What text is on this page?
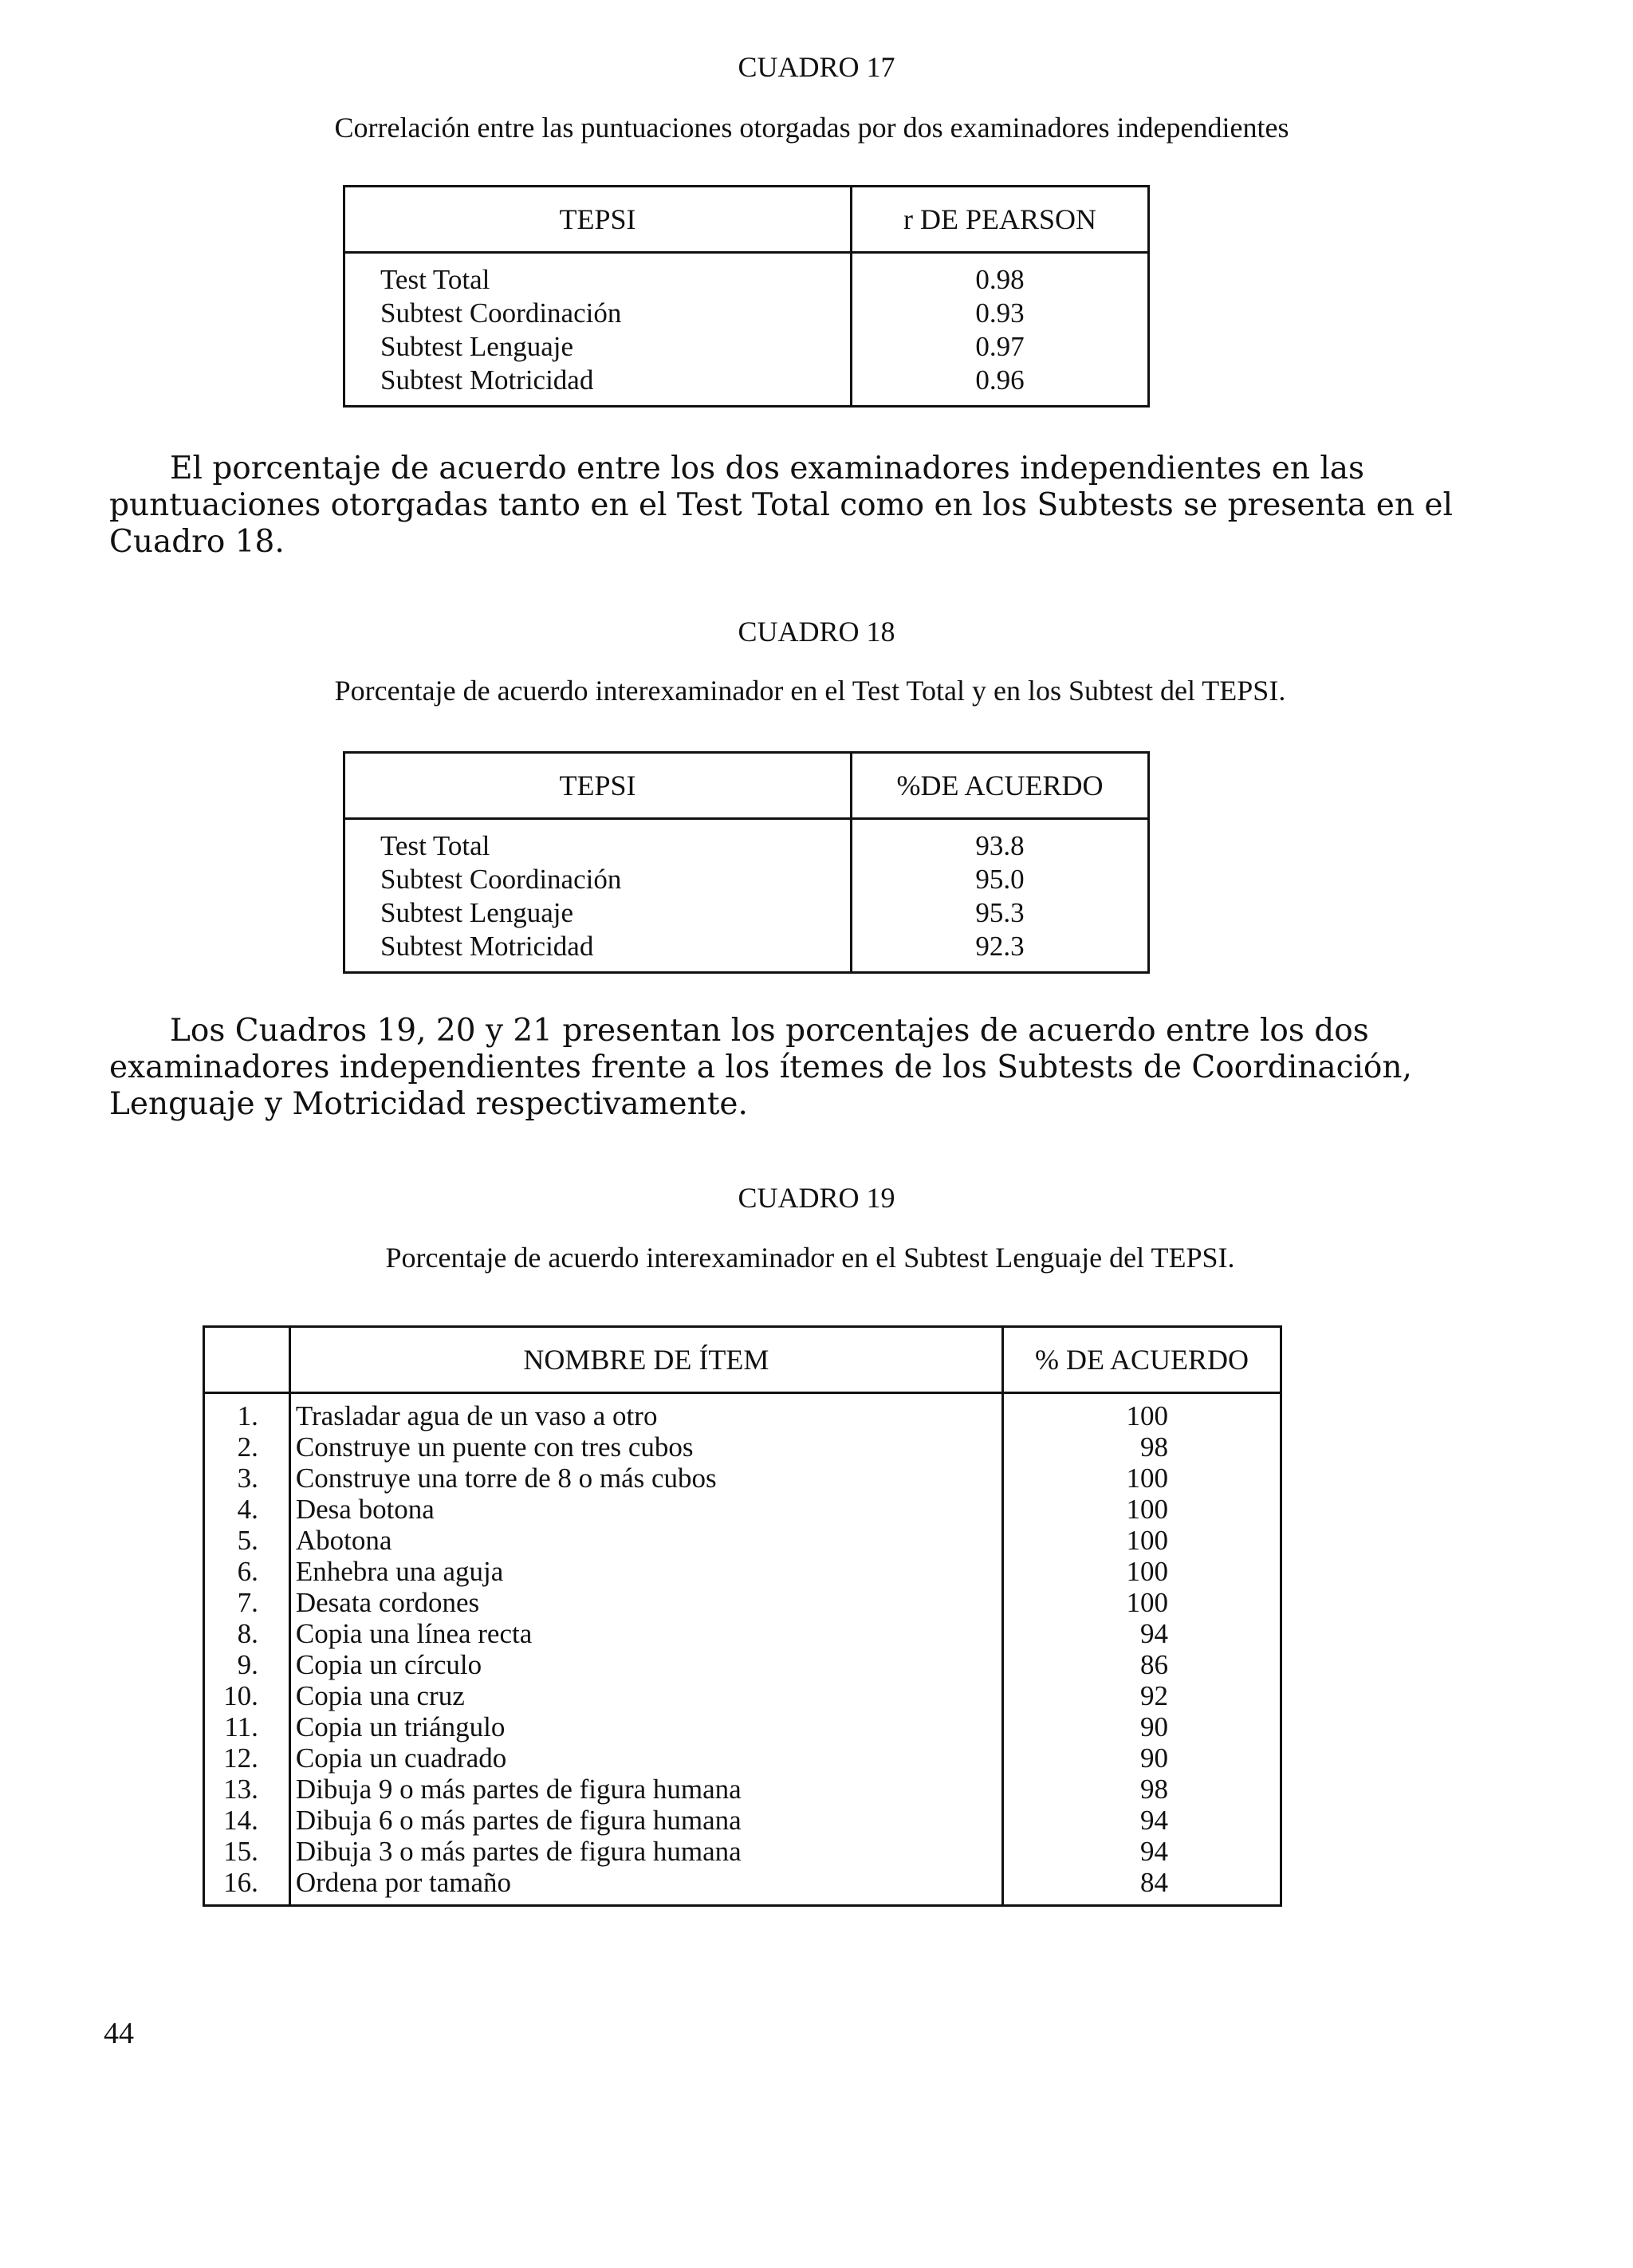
CUADRO 17
Correlación entre las puntuaciones otorgadas por dos examinadores independientes
TEPSI	r DE PEARSON
Test Total	0.98
Subtest Coordinación	0.93
Subtest Lenguaje	0.97
Subtest Motricidad	0.96
El porcentaje de acuerdo entre los dos examinadores independientes en las
puntuaciones otorgadas tanto en el Test Total como en los Subtests se presenta en el
Cuadro 18.
CUADRO 18
Porcentaje de acuerdo interexaminador en el Test Total y en los Subtest del TEPSI.
TEPSI	%DE ACUERDO
Test Total	93.8
Subtest Coordinación	95.0
Subtest Lenguaje	95.3
Subtest Motricidad	92.3
Los Cuadros 19, 20 y 21 presentan los porcentajes de acuerdo entre los dos
examinadores independientes frente a los ítemes de los Subtests de Coordinación,
Lenguaje y Motricidad respectivamente.
CUADRO 19
Porcentaje de acuerdo interexaminador en el Subtest Lenguaje del TEPSI.
	NOMBRE DE ÍTEM	% DE ACUERDO
1.	Trasladar agua de un vaso a otro	100
2.	Construye un puente con tres cubos	98
3.	Construye una torre de 8 o más cubos	100
4.	Desa botona	100
5.	Abotona	100
6.	Enhebra una aguja	100
7.	Desata cordones	100
8.	Copia una línea recta	94
9.	Copia un círculo	86
10.	Copia una cruz	92
11.	Copia un triángulo	90
12.	Copia un cuadrado	90
13.	Dibuja 9 o más partes de figura humana	98
14.	Dibuja 6 o más partes de figura humana	94
15.	Dibuja 3 o más partes de figura humana	94
16.	Ordena por tamaño	84
44
